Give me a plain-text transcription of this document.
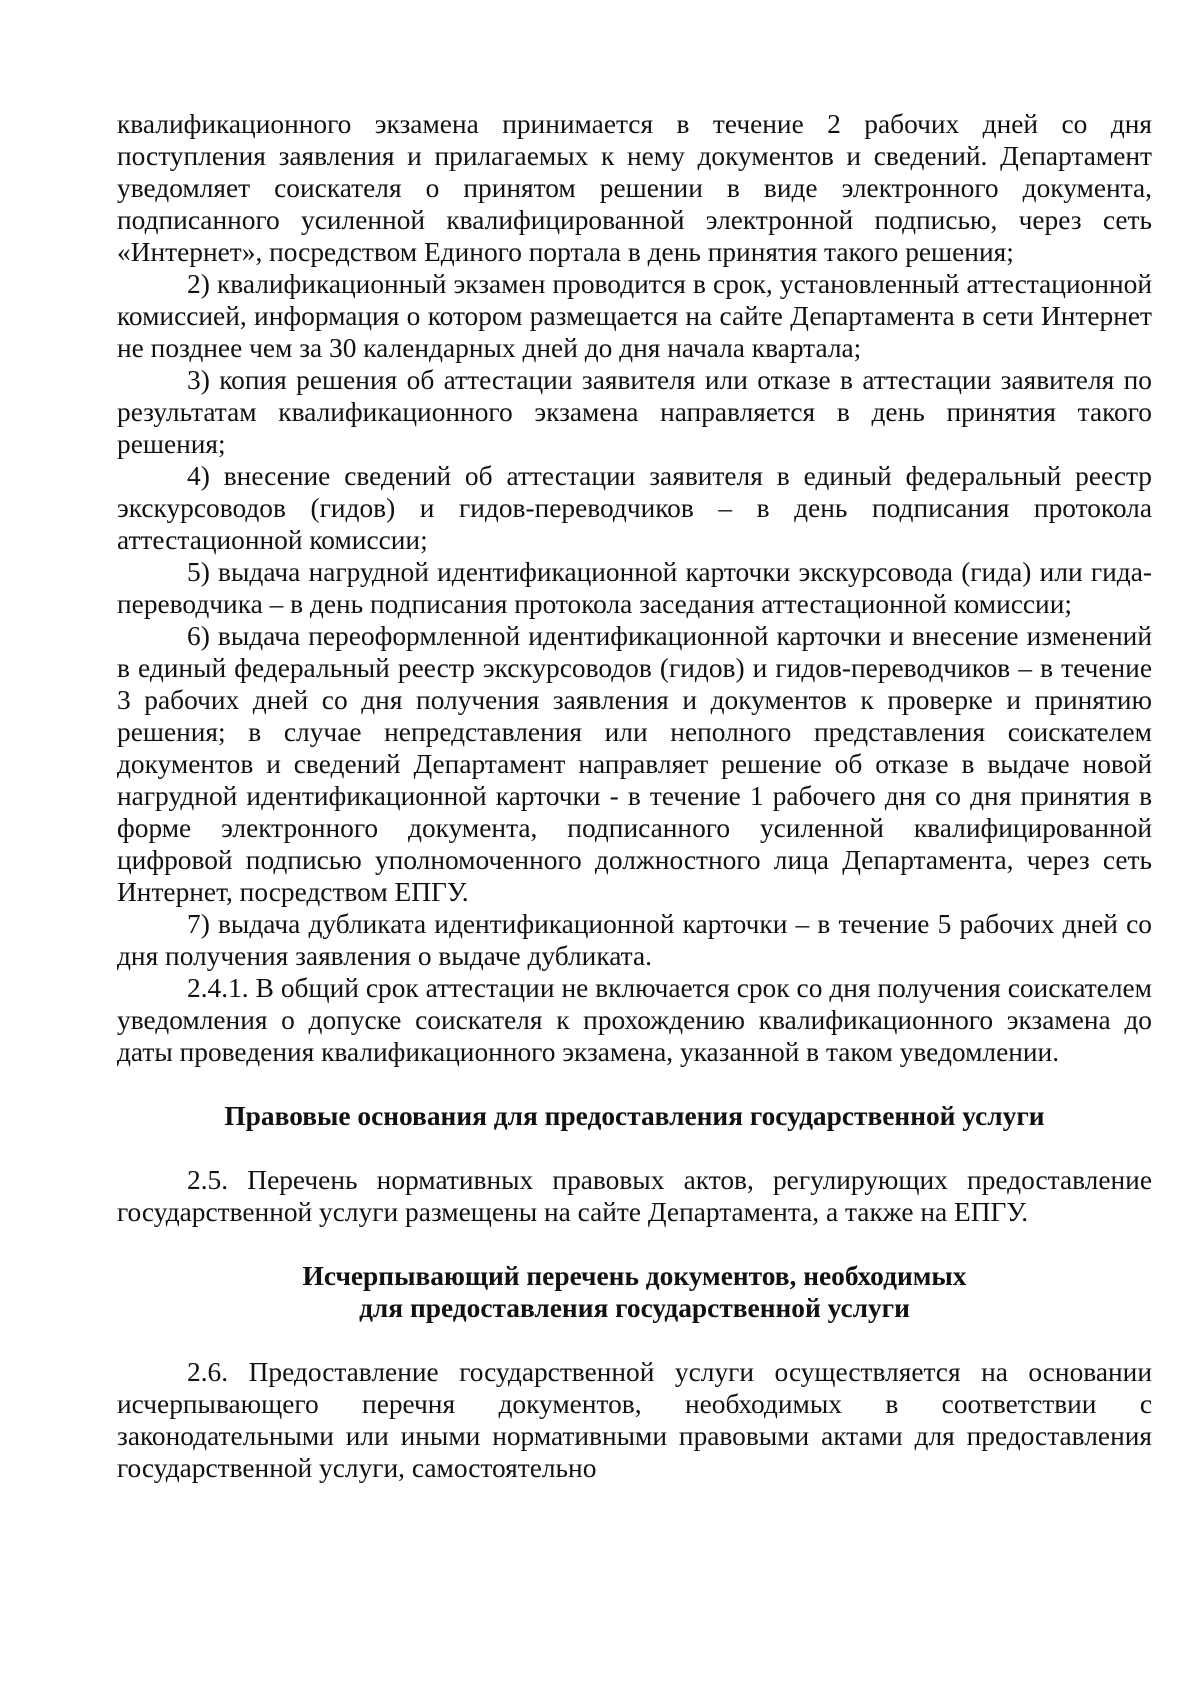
квалификационного экзамена принимается в течение 2 рабочих дней со дня поступления заявления и прилагаемых к нему документов и сведений. Департамент уведомляет соискателя о принятом решении в виде электронного документа, подписанного усиленной квалифицированной электронной подписью, через сеть «Интернет», посредством Единого портала в день принятия такого решения;

2) квалификационный экзамен проводится в срок, установленный аттестационной комиссией, информация о котором размещается на сайте Департамента в сети Интернет не позднее чем за 30 календарных дней до дня начала квартала;

3) копия решения об аттестации заявителя или отказе в аттестации заявителя по результатам квалификационного экзамена направляется в день принятия такого решения;

4) внесение сведений об аттестации заявителя в единый федеральный реестр экскурсоводов (гидов) и гидов-переводчиков – в день подписания протокола аттестационной комиссии;

5) выдача нагрудной идентификационной карточки экскурсовода (гида) или гида-переводчика – в день подписания протокола заседания аттестационной комиссии;

6) выдача переоформленной идентификационной карточки и внесение изменений в единый федеральный реестр экскурсоводов (гидов) и гидов-переводчиков – в течение 3 рабочих дней со дня получения заявления и документов к проверке и принятию решения; в случае непредставления или неполного представления соискателем документов и сведений Департамент направляет решение об отказе в выдаче новой нагрудной идентификационной карточки - в течение 1 рабочего дня со дня принятия в форме электронного документа, подписанного усиленной квалифицированной цифровой подписью уполномоченного должностного лица Департамента, через сеть Интернет, посредством ЕПГУ.

7) выдача дубликата идентификационной карточки – в течение 5 рабочих дней со дня получения заявления о выдаче дубликата.

2.4.1. В общий срок аттестации не включается срок со дня получения соискателем уведомления о допуске соискателя к прохождению квалификационного экзамена до даты проведения квалификационного экзамена, указанной в таком уведомлении.

Правовые основания для предоставления государственной услуги

2.5. Перечень нормативных правовых актов, регулирующих предоставление государственной услуги размещены на сайте Департамента, а также на ЕПГУ.

Исчерпывающий перечень документов, необходимых
для предоставления государственной услуги

2.6. Предоставление государственной услуги осуществляется на основании исчерпывающего перечня документов, необходимых в соответствии с законодательными или иными нормативными правовыми актами для предоставления государственной услуги, самостоятельно
